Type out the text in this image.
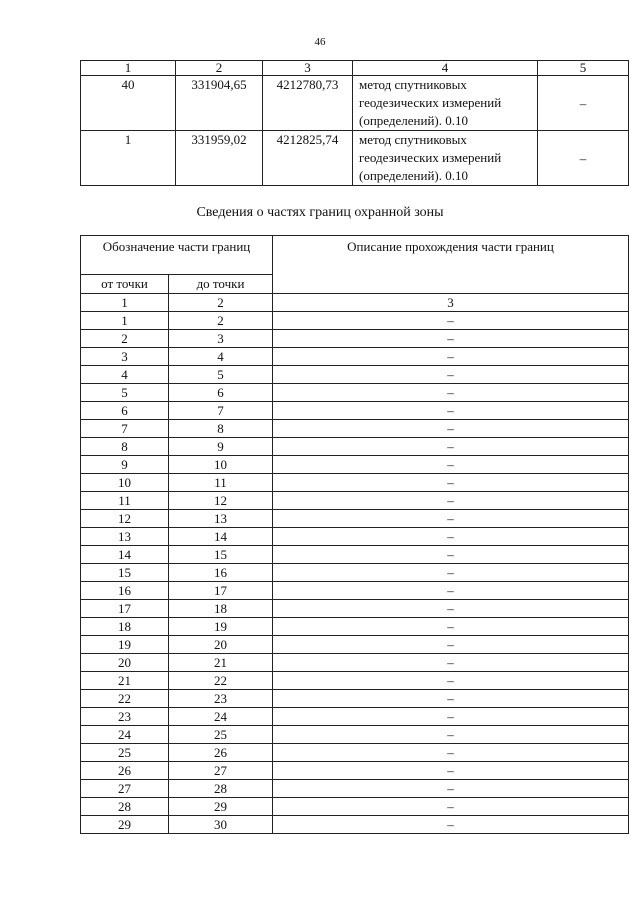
46
1	2	3	4	5
40	331904,65	4212780,73	метод спутниковых
геодезических измерений
(определений). 0.10	–
1	331959,02	4212825,74	метод спутниковых
геодезических измерений
(определений). 0.10	–
Сведения о частях границ охранной зоны
Обозначение части границ		Описание прохождения части границ
от точки	до точки	
1	2	3
1	2	–
2	3	–
3	4	–
4	5	–
5	6	–
6	7	–
7	8	–
8	9	–
9	10	–
10	11	–
11	12	–
12	13	–
13	14	–
14	15	–
15	16	–
16	17	–
17	18	–
18	19	–
19	20	–
20	21	–
21	22	–
22	23	–
23	24	–
24	25	–
25	26	–
26	27	–
27	28	–
28	29	–
29	30	–
